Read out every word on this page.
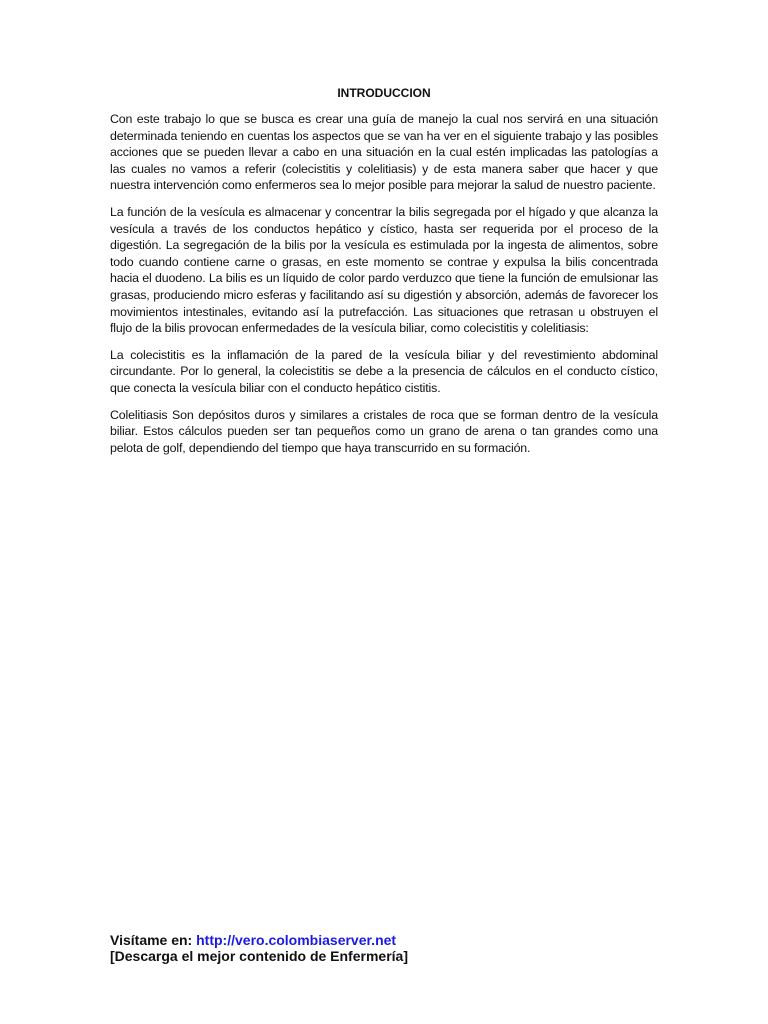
INTRODUCCION

Con este trabajo lo que se busca es crear una guía de manejo la cual nos servirá en una situación determinada teniendo en cuentas los aspectos que se van ha ver en el siguiente trabajo y las posibles acciones que se pueden llevar a cabo en una situación en la cual estén implicadas las patologías a las cuales no vamos a referir (colecistitis y colelitiasis) y de esta manera saber que hacer y que nuestra intervención como enfermeros sea lo mejor posible para mejorar la salud de nuestro paciente.

La función de la vesícula es almacenar y concentrar la bilis segregada por el hígado y que alcanza la vesícula a través de los conductos hepático y cístico, hasta ser requerida por el proceso de la digestión. La segregación de la bilis por la vesícula es estimulada por la ingesta de alimentos, sobre todo cuando contiene carne o grasas, en este momento se contrae y expulsa la bilis concentrada hacia el duodeno. La bilis es un líquido de color pardo verduzco que tiene la función de emulsionar las grasas, produciendo micro esferas y facilitando así su digestión y absorción, además de favorecer los movimientos intestinales, evitando así la putrefacción. Las situaciones que retrasan u obstruyen el flujo de la bilis provocan enfermedades de la vesícula biliar, como colecistitis y colelitiasis:

La colecistitis es la inflamación de la pared de la vesícula biliar y del revestimiento abdominal circundante. Por lo general, la colecistitis se debe a la presencia de cálculos en el conducto cístico, que conecta la vesícula biliar con el conducto hepático cistitis.

Colelitiasis Son depósitos duros y similares a cristales de roca que se forman dentro de la vesícula biliar. Estos cálculos pueden ser tan pequeños como un grano de arena o tan grandes como una pelota de golf, dependiendo del tiempo que haya transcurrido en su formación.

Visítame en: http://vero.colombiaserver.net
[Descarga el mejor contenido de Enfermería]
